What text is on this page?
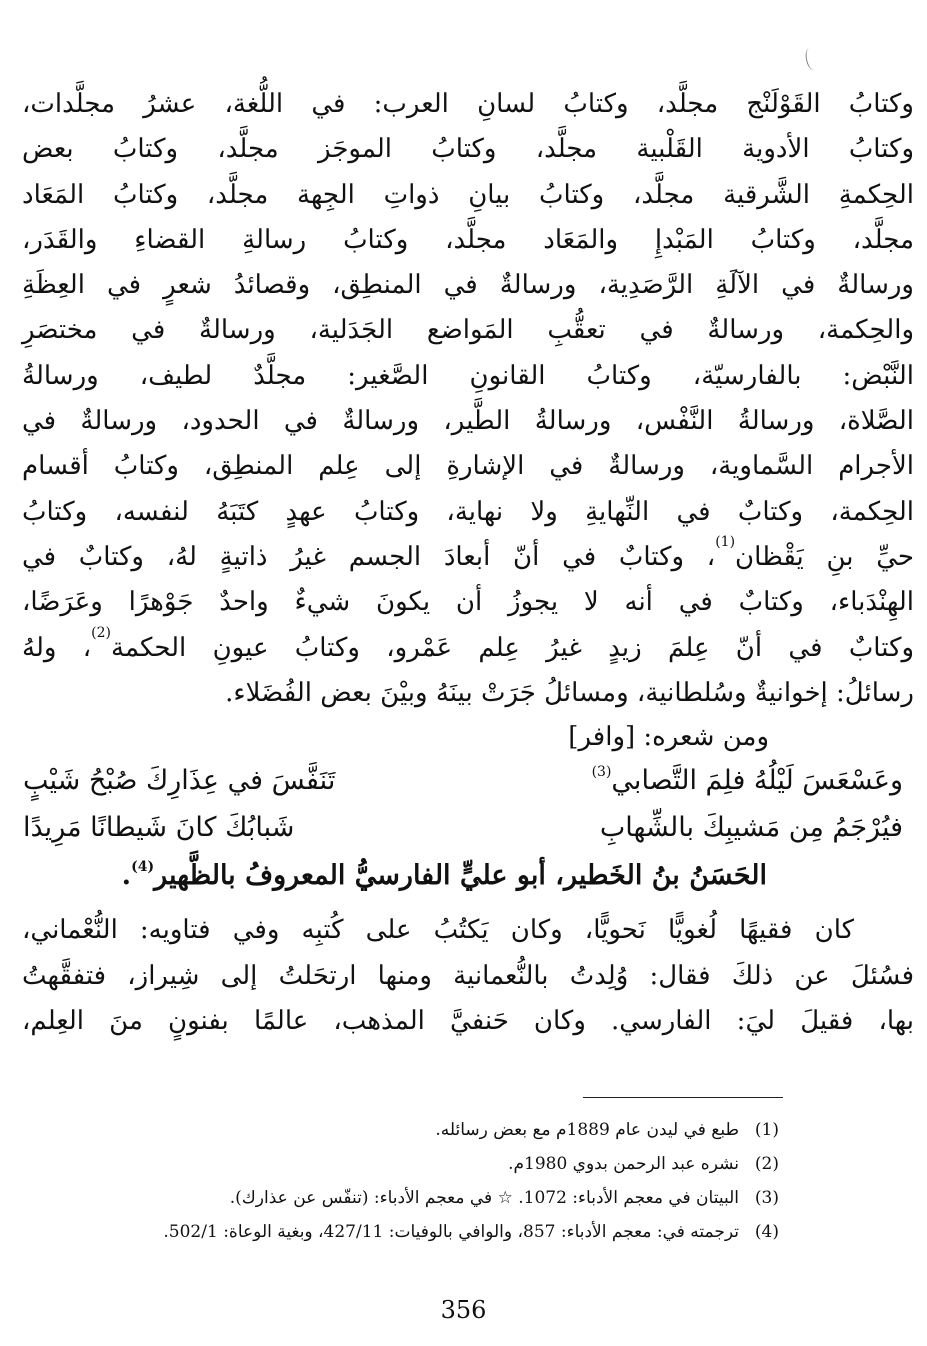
وكتابُ القَوْلَنْج مجلَّد، وكتابُ لسانِ العرب: في اللُّغة، عشرُ مجلَّدات،

وكتابُ الأدوية القَلْبية مجلَّد، وكتابُ الموجَز مجلَّد، وكتابُ بعض

الحِكمةِ الشَّرقية مجلَّد، وكتابُ بيانِ ذواتِ الجِهة مجلَّد، وكتابُ المَعَاد

مجلَّد، وكتابُ المَبْدإِ والمَعَاد مجلَّد، وكتابُ رسالةِ القضاءِ والقَدَر،

ورسالةٌ في الآلَةِ الرَّصَدِية، ورسالةٌ في المنطِق، وقصائدُ شعرٍ في العِظَةِ

والحِكمة، ورسالةٌ في تعقُّبِ المَواضع الجَدَلية، ورسالةٌ في مختصَرِ

النَّبْض: بالفارسيّة، وكتابُ القانونِ الصَّغير: مجلَّدٌ لطيف، ورسالةُ

الصَّلاة، ورسالةُ النَّفْس، ورسالةُ الطَّير، ورسالةٌ في الحدود، ورسالةٌ في

الأجرام السَّماوية، ورسالةٌ في الإشارةِ إلى عِلم المنطِق، وكتابُ أقسام

الحِكمة، وكتابٌ في النِّهايةِ ولا نهاية، وكتابُ عهدٍ كتَبَهُ لنفسه، وكتابُ

حيِّ بنِ يَقْظان$^{(1)}$، وكتابٌ في أنّ أبعادَ الجسم غيرُ ذاتيةٍ لهُ، وكتابٌ في

الهِنْدَباء، وكتابٌ في أنه لا يجوزُ أن يكونَ شيءٌ واحدٌ جَوْهرًا وعَرَضًا،

وكتابٌ في أنّ عِلمَ زيدٍ غيرُ عِلم عَمْرو، وكتابُ عيونِ الحكمة$^{(2)}$، ولهُ

رسائلُ: إخوانيةٌ وسُلطانية، ومسائلُ جَرَتْ بينَهُ وبيْنَ بعض الفُضَلاء.

ومن شعره: [وافر]
وعَسْعَسَ لَيْلُهُ فلِمَ التَّصابي$^{(3)}$
تَنَفَّسَ في عِذَارِكَ صُبْحُ شَيْبٍ
فيُرْجَمُ مِن مَشيبِكَ بالشِّهابِ
شَبابُكَ كانَ شَيطانًا مَرِيدًا
الحَسَنُ بنُ الخَطير، أبو عليٍّ الفارسيُّ المعروفُ بالظَّهير$^{(4)}$.

كان فقيهًا لُغويًّا نَحويًّا، وكان يَكتُبُ على كُتبِه وفي فتاويه: النُّعْماني،

فسُئلَ عن ذلكَ فقال: وُلِدتُ بالنُّعمانية ومنها ارتحَلتُ إلى شِيراز، فتفقَّهتُ

بها، فقيلَ ليَ: الفارسي. وكان حَنفيَّ المذهب، عالمًا بفنونٍ منَ العِلم،

(1)
طبع في ليدن عام 1889م مع بعض رسائله.
(2)
نشره عبد الرحمن بدوي 1980م.
(3)
البيتان في معجم الأدباء: 1072. ☆ في معجم الأدباء: (تنفّس عن عذارك).
(4)
ترجمته في: معجم الأدباء: 857، والوافي بالوفيات: 427/11، وبغية الوعاة: 502/1.
356
